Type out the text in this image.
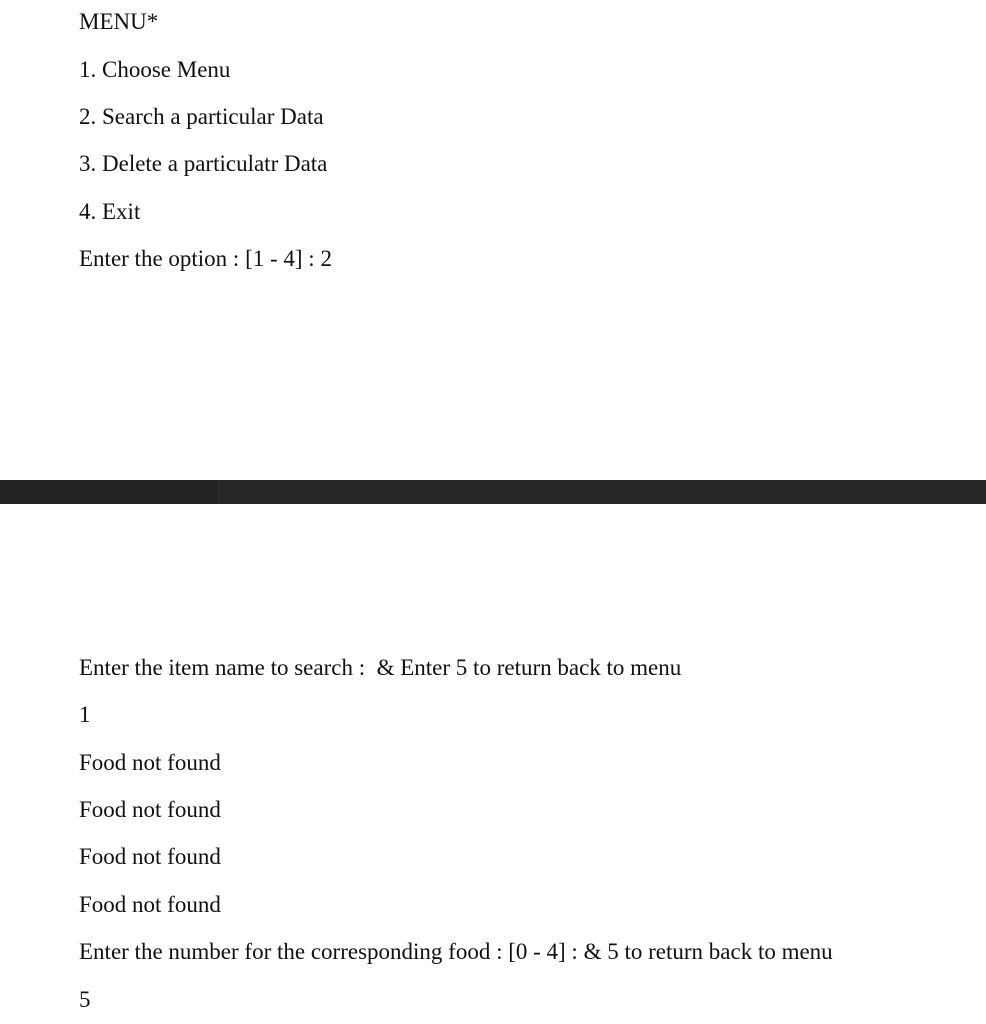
MENU*

1. Choose Menu

2. Search a particular Data

3. Delete a particulatr Data

4. Exit

Enter the option : [1 - 4] : 2

Enter the item name to search :  & Enter 5 to return back to menu

1

Food not found

Food not found

Food not found

Food not found

Enter the number for the corresponding food : [0 - 4] : & 5 to return back to menu

5
